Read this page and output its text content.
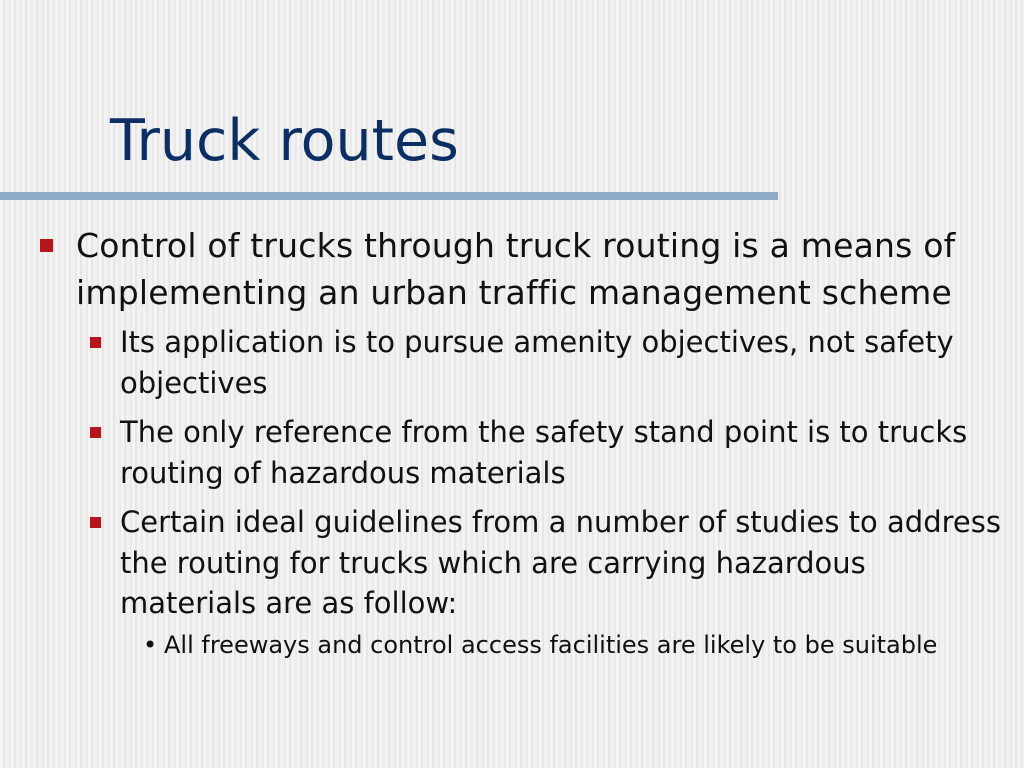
Truck routes
Control of trucks through truck routing is a means of implementing an urban traffic management scheme
Its application is to pursue amenity objectives, not safety objectives
The only reference from the safety stand point is to trucks routing of hazardous materials
Certain ideal guidelines from a number of studies to address the routing for trucks which are carrying hazardous materials are as follow:
• All freeways and control access facilities are likely to be suitable
